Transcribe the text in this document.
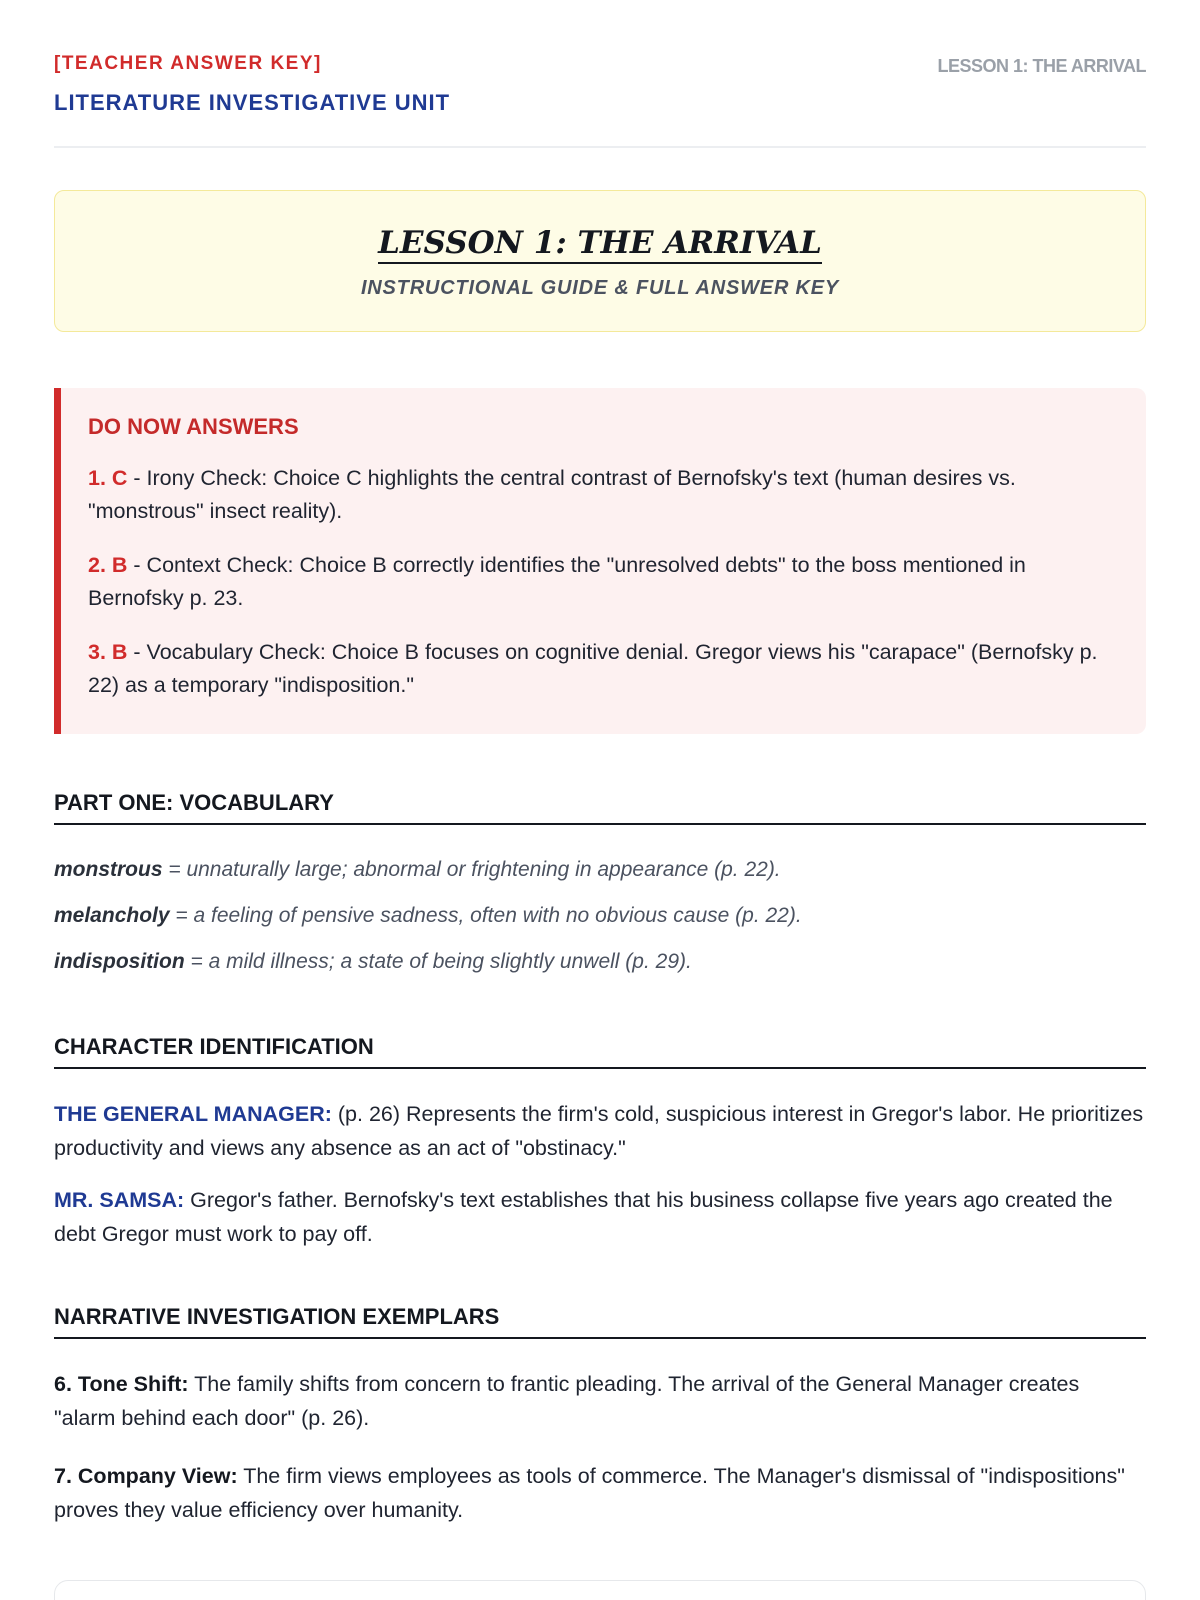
[TEACHER ANSWER KEY]
LITERATURE INVESTIGATIVE UNIT
LESSON 1: THE ARRIVAL
LESSON 1: THE ARRIVAL
INSTRUCTIONAL GUIDE & FULL ANSWER KEY
DO NOW ANSWERS

1. C - Irony Check: Choice C highlights the central contrast of Bernofsky's text (human desires vs. "monstrous" insect reality).

2. B - Context Check: Choice B correctly identifies the "unresolved debts" to the boss mentioned in Bernofsky p. 23.

3. B - Vocabulary Check: Choice B focuses on cognitive denial. Gregor views his "carapace" (Bernofsky p. 22) as a temporary "indisposition."

PART ONE: VOCABULARY

monstrous = unnaturally large; abnormal or frightening in appearance (p. 22).

melancholy = a feeling of pensive sadness, often with no obvious cause (p. 22).

indisposition = a mild illness; a state of being slightly unwell (p. 29).

CHARACTER IDENTIFICATION

THE GENERAL MANAGER: (p. 26) Represents the firm's cold, suspicious interest in Gregor's labor. He prioritizes productivity and views any absence as an act of "obstinacy."

MR. SAMSA: Gregor's father. Bernofsky's text establishes that his business collapse five years ago created the debt Gregor must work to pay off.

NARRATIVE INVESTIGATION EXEMPLARS

6. Tone Shift: The family shifts from concern to frantic pleading. The arrival of the General Manager creates "alarm behind each door" (p. 26).

7. Company View: The firm views employees as tools of commerce. The Manager's dismissal of "indispositions" proves they value efficiency over humanity.
